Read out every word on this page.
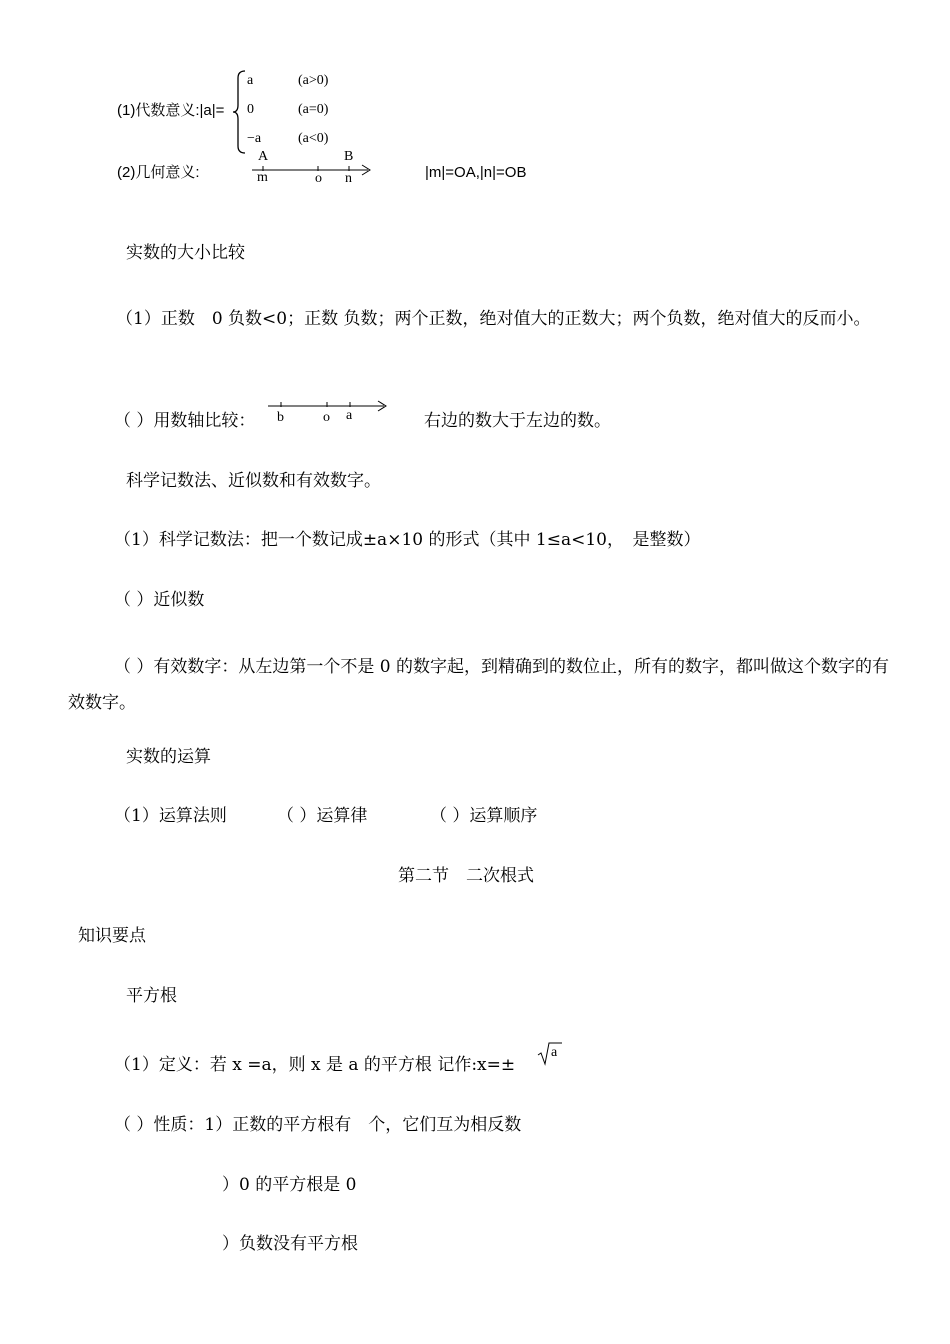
(1)代数意义:|a|=
a	(a>0)
0	(a=0)
−a	(a<0)
(2)几何意义:
A	B
m	o n	|m|=OA,|n|=OB
实数的大小比较
（1）正数　0 负数<0；正数 负数；两个正数，绝对值大的正数大；两个负数，绝对值大的反而小。
（ ）用数轴比较： b	o a	右边的数大于左边的数。
科学记数法、近似数和有效数字。
（1）科学记数法：把一个数记成±a×10 的形式（其中 1≤a<10，　是整数）
（ ）近似数
（ ）有效数字：从左边第一个不是 0 的数字起，到精确到的数位止，所有的数字，都叫做这个数字的有效数字。
实数的运算
（1）运算法则	（ ）运算律	（ ）运算顺序
第二节　二次根式
知识要点
平方根
（1）定义：若 x =a，则 x 是 a 的平方根 记作:x=±
a
（ ）性质：1）正数的平方根有　个，它们互为相反数
）0 的平方根是 0
）负数没有平方根
